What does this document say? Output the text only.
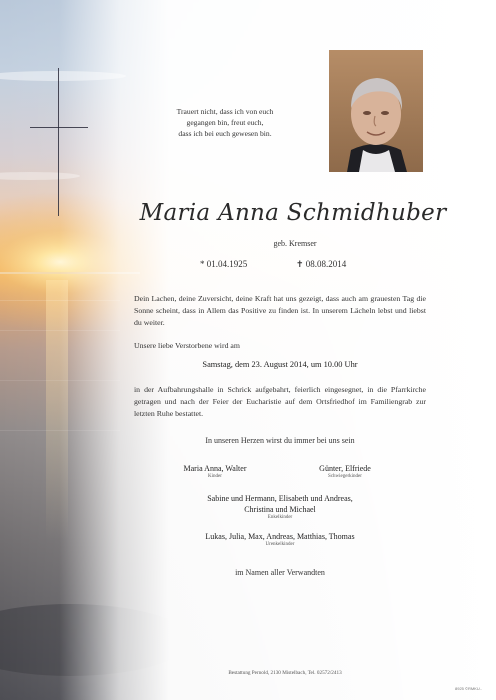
Trauert nicht, dass ich von euch
gegangen bin, freut euch,
dass ich bei euch gewesen bin.
Maria Anna Schmidhuber
geb. Kremser
* 01.04.1925	✝ 08.08.2014
Dein Lachen, deine Zuversicht, deine Kraft hat uns gezeigt, dass auch am grauesten Tag die Sonne scheint, dass in Allem das Positive zu finden ist. In unserem Lächeln lebst und liebst du weiter.
Unsere liebe Verstorbene wird am
Samstag, dem 23. August 2014, um 10.00 Uhr
in der Aufbahrungshalle in Schrick aufgebahrt, feierlich eingesegnet, in die Pfarrkirche getragen und nach der Feier der Eucharistie auf dem Ortsfriedhof im Familiengrab zur letzten Ruhe bestattet.
In unseren Herzen wirst du immer bei uns sein
Maria Anna, Walter
Kinder
Günter, Elfriede
Schwiegerkinder
Sabine und Hermann, Elisabeth und Andreas,
Christina und Michael
Enkelkinder
Lukas, Julia, Max, Andreas, Matthias, Thomas
Urenkelkinder
im Namen aller Verwandten
Bestattung Pernold, 2130 Mistelbach, Tel. 02572/2413
8925 ©RMKU..
